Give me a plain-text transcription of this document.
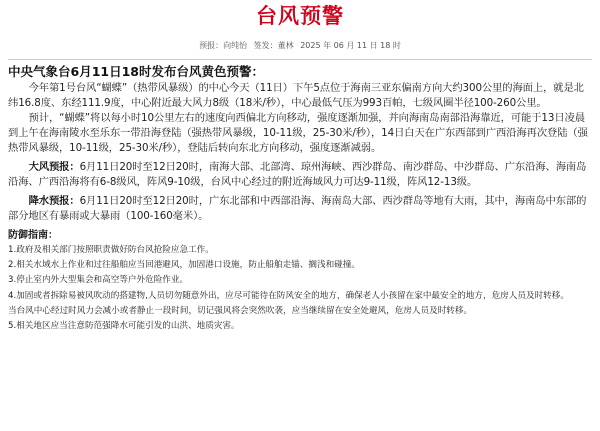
台风预警
预报：向纯怡 签发：董林 2025 年 06 月 11 日 18 时
中央气象台6月11日18时发布台风黄色预警：

今年第1号台风“蝴蝶”（热带风暴级）的中心今天（11日）下午5点位于海南三亚东偏南方向大约300公里的海面上，就是北纬16.8度、东经111.9度，中心附近最大风力8级（18米/秒），中心最低气压为993百帕，七级风圈半径100-260公里。

预计，“蝴蝶”将以每小时10公里左右的速度向西偏北方向移动，强度逐渐加强，并向海南岛南部沿海靠近，可能于13日凌晨到上午在海南陵水至乐东一带沿海登陆（强热带风暴级，10-11级，25-30米/秒），14日白天在广东西部到广西沿海再次登陆（强热带风暴级，10-11级，25-30米/秒），登陆后转向东北方向移动，强度逐渐减弱。

大风预报：6月11日20时至12日20时，南海大部、北部湾、琼州海峡、西沙群岛、南沙群岛、中沙群岛、广东沿海、海南岛沿海、广西沿海将有6-8级风，阵风9-10级，台风中心经过的附近海域风力可达9-11级，阵风12-13级。

降水预报：6月11日20时至12日20时，广东北部和中西部沿海、海南岛大部、西沙群岛等地有大雨，其中，海南岛中东部的部分地区有暴雨或大暴雨（100-160毫米）。

防御指南：
1.政府及相关部门按照职责做好防台风抢险应急工作。
2.相关水域水上作业和过往船舶应当回港避风，加固港口设施，防止船舶走锚、搁浅和碰撞。
3.停止室内外大型集会和高空等户外危险作业。
4.加固或者拆除易被风吹动的搭建物,人员切勿随意外出，应尽可能待在防风安全的地方，确保老人小孩留在家中最安全的地方，危房人员及时转移。
当台风中心经过时风力会减小或者静止一段时间，切记强风将会突然吹袭，应当继续留在安全处避风，危房人员及时转移。
5.相关地区应当注意防范强降水可能引发的山洪、地质灾害。
